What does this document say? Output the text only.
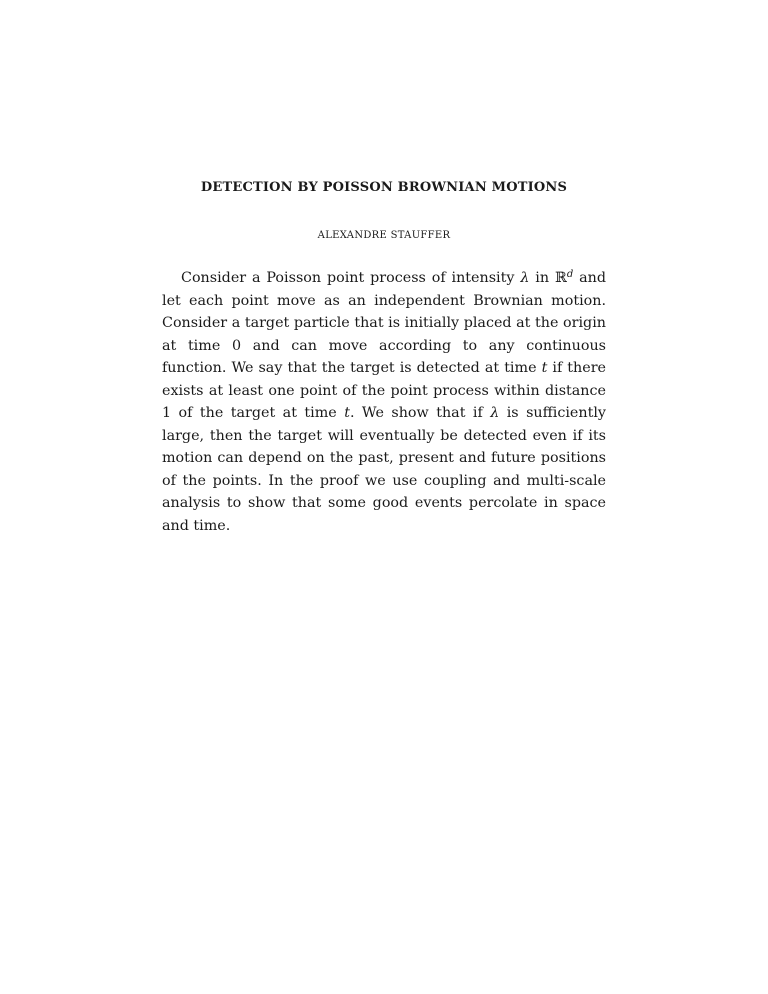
DETECTION BY POISSON BROWNIAN MOTIONS
ALEXANDRE STAUFFER

Consider a Poisson point process of intensity λ in ℝ$^d$ and let each point move as an independent Brownian motion. Consider a target particle that is initially placed at the origin at time 0 and can move according to any continuous function. We say that the target is detected at time t if there exists at least one point of the point process within distance 1 of the target at time t. We show that if λ is sufficiently large, then the target will eventually be detected even if its motion can depend on the past, present and future positions of the points. In the proof we use coupling and multi-scale analysis to show that some good events percolate in space and time.
